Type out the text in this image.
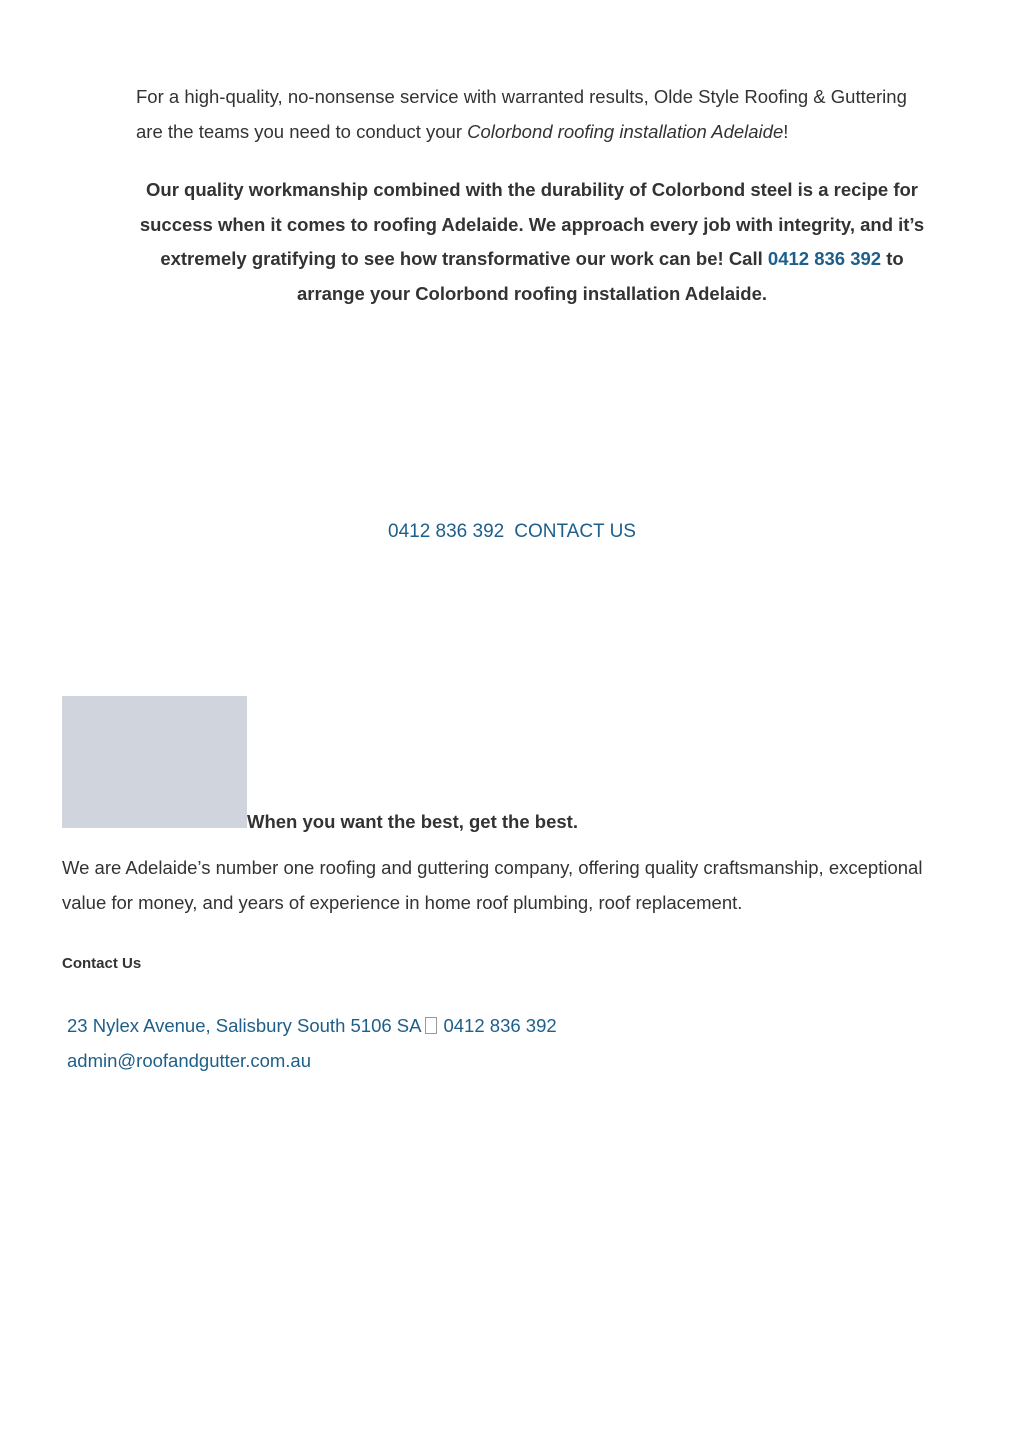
For a high-quality, no-nonsense service with warranted results, Olde Style Roofing & Guttering are the teams you need to conduct your Colorbond roofing installation Adelaide!

Our quality workmanship combined with the durability of Colorbond steel is a recipe for success when it comes to roofing Adelaide. We approach every job with integrity, and it’s extremely gratifying to see how transformative our work can be! Call 0412 836 392 to arrange your Colorbond roofing installation Adelaide.

0412 836 392 CONTACT US
When you want the best, get the best.

We are Adelaide’s number one roofing and guttering company, offering quality craftsmanship, exceptional value for money, and years of experience in home roof plumbing, roof replacement.

Contact Us
23 Nylex Avenue, Salisbury South 5106 SA 0412 836 392
admin@roofandgutter.com.au
